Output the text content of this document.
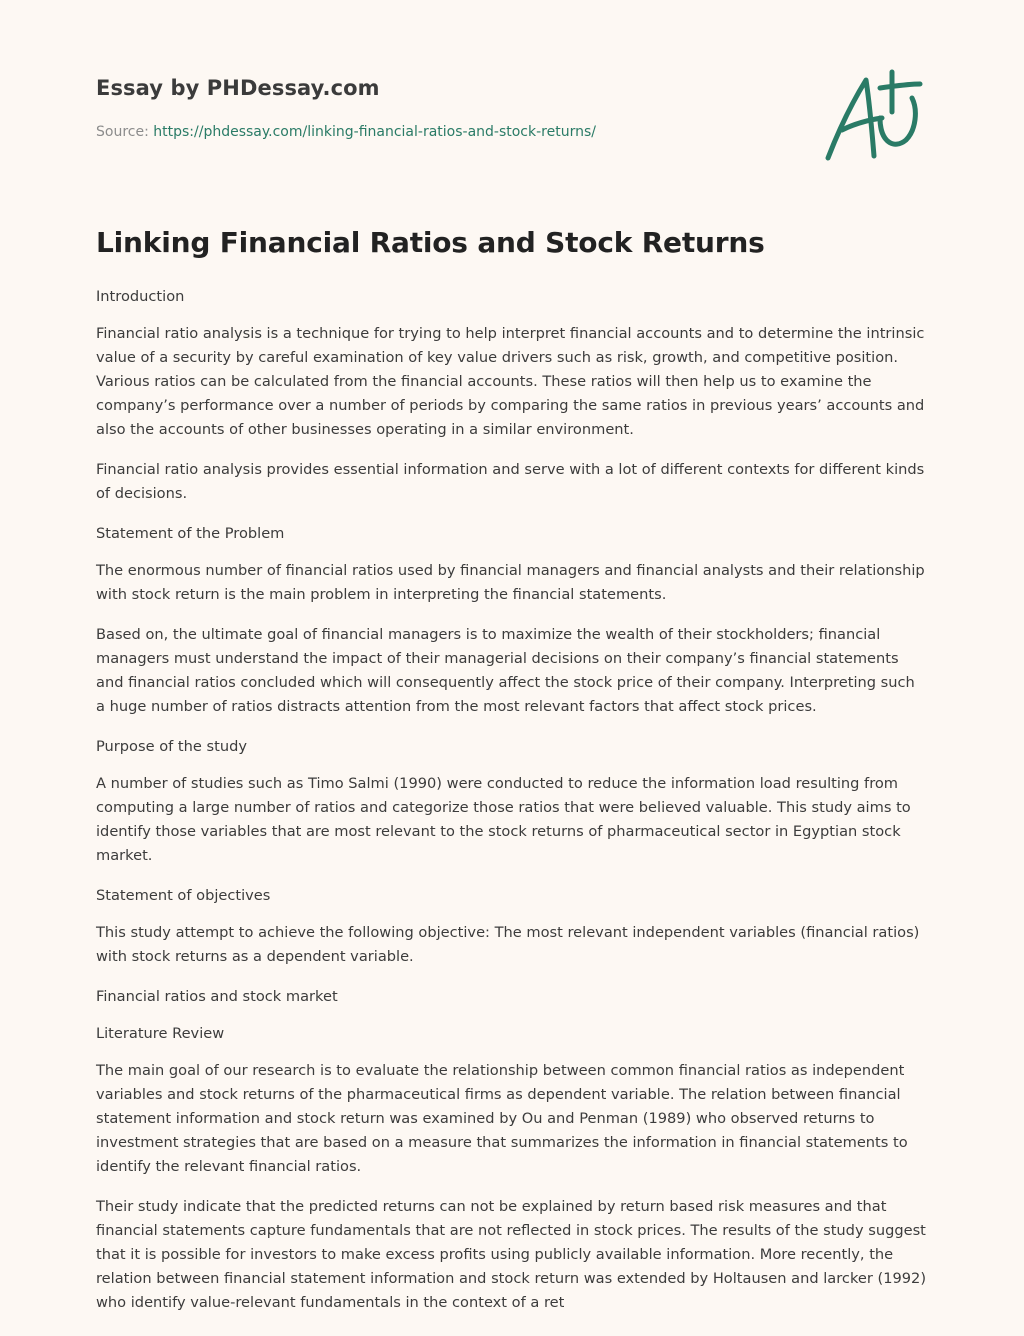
Essay by PHDessay.com
Source: https://phdessay.com/linking-financial-ratios-and-stock-returns/
Linking Financial Ratios and Stock Returns

Introduction

Financial ratio analysis is a technique for trying to help interpret financial accounts and to determine the intrinsic value of a security by careful examination of key value drivers such as risk, growth, and competitive position. Various ratios can be calculated from the financial accounts. These ratios will then help us to examine the company’s performance over a number of periods by comparing the same ratios in previous years’ accounts and also the accounts of other businesses operating in a similar environment.

Financial ratio analysis provides essential information and serve with a lot of different contexts for different kinds of decisions.

Statement of the Problem

The enormous number of financial ratios used by financial managers and financial analysts and their relationship with stock return is the main problem in interpreting the financial statements.

Based on, the ultimate goal of financial managers is to maximize the wealth of their stockholders; financial managers must understand the impact of their managerial decisions on their company’s financial statements and financial ratios concluded which will consequently affect the stock price of their company. Interpreting such a huge number of ratios distracts attention from the most relevant factors that affect stock prices.

Purpose of the study

A number of studies such as Timo Salmi (1990) were conducted to reduce the information load resulting from computing a large number of ratios and categorize those ratios that were believed valuable. This study aims to identify those variables that are most relevant to the stock returns of pharmaceutical sector in Egyptian stock market.

Statement of objectives

This study attempt to achieve the following objective: The most relevant independent variables (financial ratios) with stock returns as a dependent variable.

Financial ratios and stock market

Literature Review

The main goal of our research is to evaluate the relationship between common financial ratios as independent variables and stock returns of the pharmaceutical firms as dependent variable. The relation between financial statement information and stock return was examined by Ou and Penman (1989) who observed returns to investment strategies that are based on a measure that summarizes the information in financial statements to identify the relevant financial ratios.

Their study indicate that the predicted returns can not be explained by return based risk measures and that financial statements capture fundamentals that are not reflected in stock prices. The results of the study suggest that it is possible for investors to make excess profits using publicly available information. More recently, the relation between financial statement information and stock return was extended by Holtausen and larcker (1992) who identify value-relevant fundamentals in the context of a ret
